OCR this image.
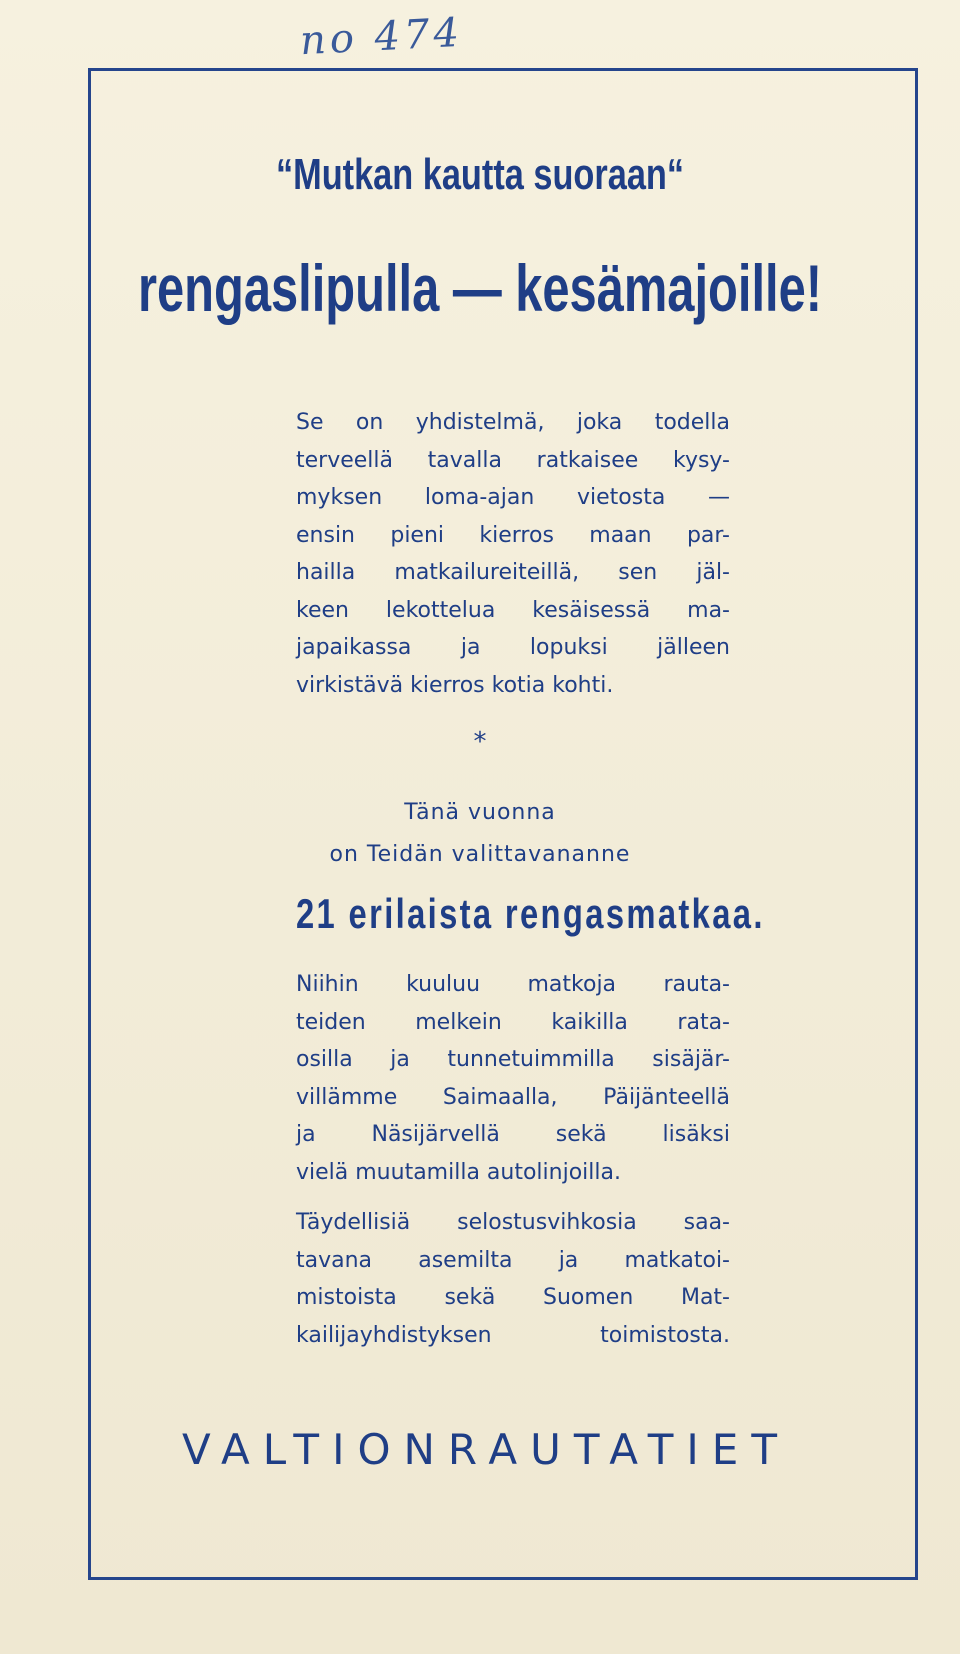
no 474
“Mutkan kautta suoraan“
rengaslipulla — kesämajoille!
Se on yhdistelmä, joka todella
terveellä tavalla ratkaisee kysy-
myksen loma-ajan vietosta —
ensin pieni kierros maan par-
hailla matkailureiteillä, sen jäl-
keen lekottelua kesäisessä ma-
japaikassa ja lopuksi jälleen
virkistävä kierros kotia kohti.
*
Tänä vuonna
on Teidän valittavananne
21 erilaista rengasmatkaa.
Niihin kuuluu matkoja rauta-
teiden melkein kaikilla rata-
osilla ja tunnetuimmilla sisäjär-
villämme Saimaalla, Päijänteellä
ja Näsijärvellä sekä lisäksi
vielä muutamilla autolinjoilla.
Täydellisiä selostusvihkosia saa-
tavana asemilta ja matkatoi-
mistoista sekä Suomen Mat-
kailijayhdistyksen toimistosta.
VALTIONRAUTATIET
